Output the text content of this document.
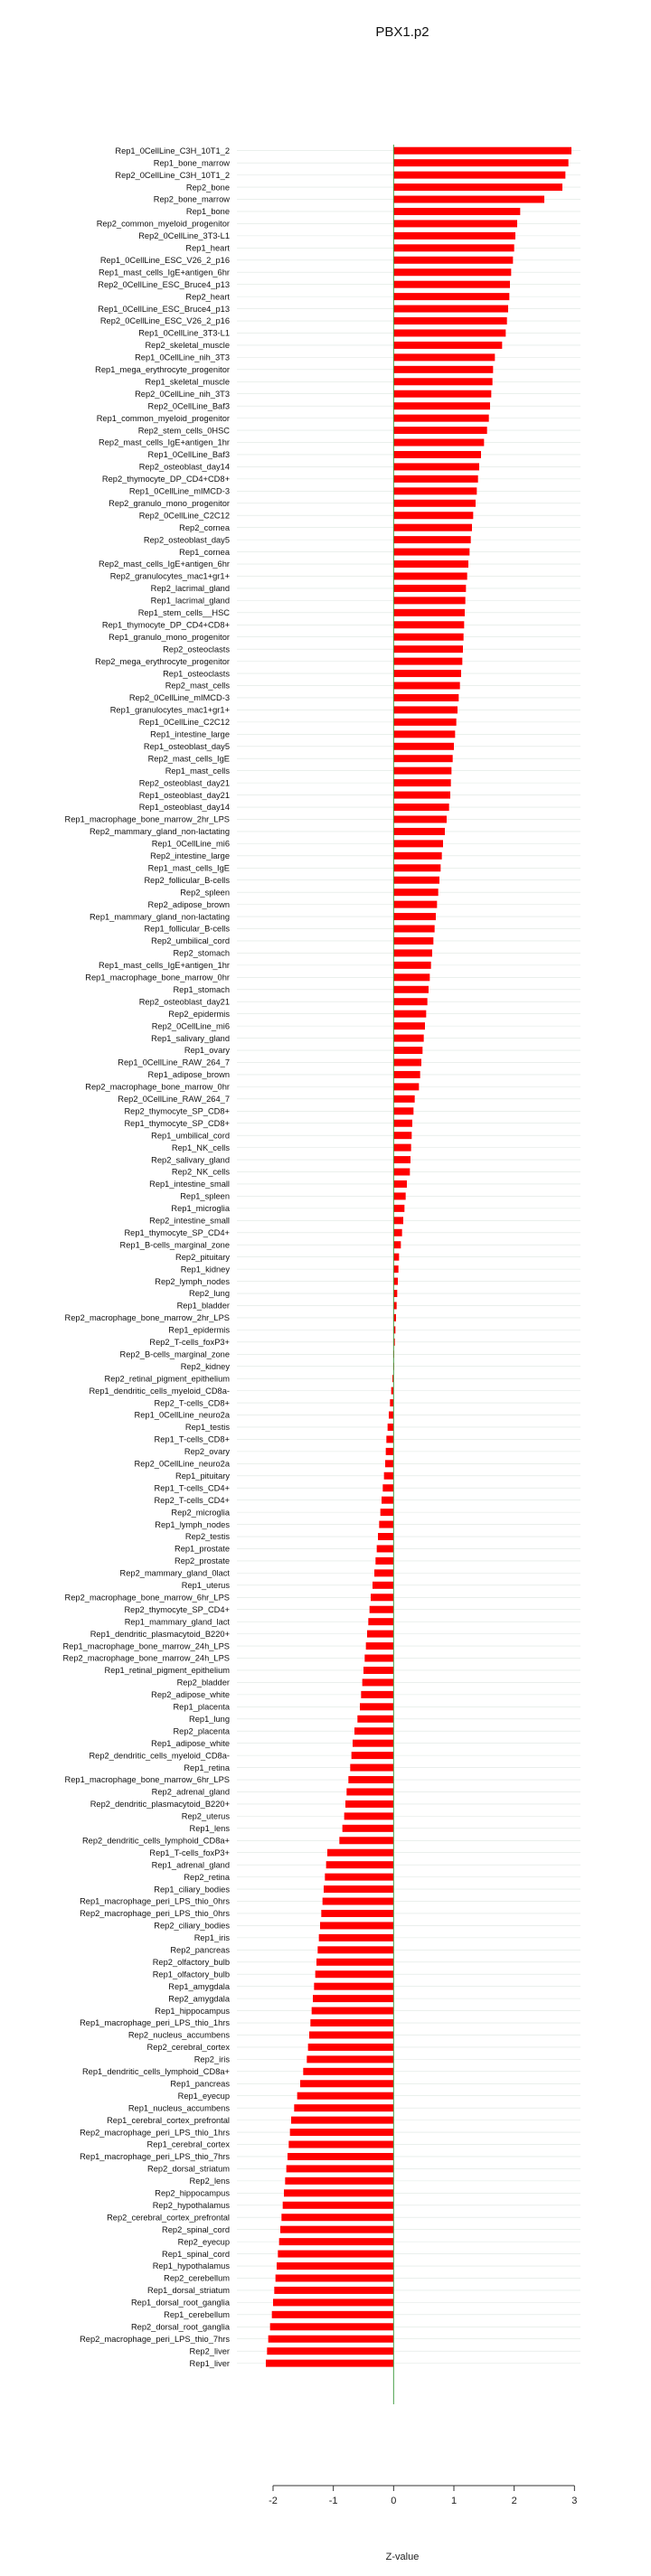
PBX1.p2
Rep1_0CellLine_C3H_10T1_2
Rep1_bone_marrow
Rep2_0CellLine_C3H_10T1_2
Rep2_bone
Rep2_bone_marrow
Rep1_bone
Rep2_common_myeloid_progenitor
Rep2_0CellLine_3T3-L1
Rep1_heart
Rep1_0CellLine_ESC_V26_2_p16
Rep1_mast_cells_IgE+antigen_6hr
Rep2_0CellLine_ESC_Bruce4_p13
Rep2_heart
Rep1_0CellLine_ESC_Bruce4_p13
Rep2_0CellLine_ESC_V26_2_p16
Rep1_0CellLine_3T3-L1
Rep2_skeletal_muscle
Rep1_0CellLine_nih_3T3
Rep1_mega_erythrocyte_progenitor
Rep1_skeletal_muscle
Rep2_0CellLine_nih_3T3
Rep2_0CellLine_Baf3
Rep1_common_myeloid_progenitor
Rep2_stem_cells_0HSC
Rep2_mast_cells_IgE+antigen_1hr
Rep1_0CellLine_Baf3
Rep2_osteoblast_day14
Rep2_thymocyte_DP_CD4+CD8+
Rep1_0CellLine_mIMCD-3
Rep2_granulo_mono_progenitor
Rep2_0CellLine_C2C12
Rep2_cornea
Rep2_osteoblast_day5
Rep1_cornea
Rep2_mast_cells_IgE+antigen_6hr
Rep2_granulocytes_mac1+gr1+
Rep2_lacrimal_gland
Rep1_lacrimal_gland
Rep1_stem_cells__HSC
Rep1_thymocyte_DP_CD4+CD8+
Rep1_granulo_mono_progenitor
Rep2_osteoclasts
Rep2_mega_erythrocyte_progenitor
Rep1_osteoclasts
Rep2_mast_cells
Rep2_0CellLine_mIMCD-3
Rep1_granulocytes_mac1+gr1+
Rep1_0CellLine_C2C12
Rep1_intestine_large
Rep1_osteoblast_day5
Rep2_mast_cells_IgE
Rep1_mast_cells
Rep2_osteoblast_day21
Rep1_osteoblast_day21
Rep1_osteoblast_day14
Rep1_macrophage_bone_marrow_2hr_LPS
Rep2_mammary_gland_non-lactating
Rep1_0CellLine_mi6
Rep2_intestine_large
Rep1_mast_cells_IgE
Rep2_follicular_B-cells
Rep2_spleen
Rep2_adipose_brown
Rep1_mammary_gland_non-lactating
Rep1_follicular_B-cells
Rep2_umbilical_cord
Rep2_stomach
Rep1_mast_cells_IgE+antigen_1hr
Rep1_macrophage_bone_marrow_0hr
Rep1_stomach
Rep2_osteoblast_day21
Rep2_epidermis
Rep2_0CellLine_mi6
Rep1_salivary_gland
Rep1_ovary
Rep1_0CellLine_RAW_264_7
Rep1_adipose_brown
Rep2_macrophage_bone_marrow_0hr
Rep2_0CellLine_RAW_264_7
Rep2_thymocyte_SP_CD8+
Rep1_thymocyte_SP_CD8+
Rep1_umbilical_cord
Rep1_NK_cells
Rep2_salivary_gland
Rep2_NK_cells
Rep1_intestine_small
Rep1_spleen
Rep1_microglia
Rep2_intestine_small
Rep1_thymocyte_SP_CD4+
Rep1_B-cells_marginal_zone
Rep2_pituitary
Rep1_kidney
Rep2_lymph_nodes
Rep2_lung
Rep1_bladder
Rep2_macrophage_bone_marrow_2hr_LPS
Rep1_epidermis
Rep2_T-cells_foxP3+
Rep2_B-cells_marginal_zone
Rep2_kidney
Rep2_retinal_pigment_epithelium
Rep1_dendritic_cells_myeloid_CD8a-
Rep2_T-cells_CD8+
Rep1_0CellLine_neuro2a
Rep1_testis
Rep1_T-cells_CD8+
Rep2_ovary
Rep2_0CellLine_neuro2a
Rep1_pituitary
Rep1_T-cells_CD4+
Rep2_T-cells_CD4+
Rep2_microglia
Rep1_lymph_nodes
Rep2_testis
Rep1_prostate
Rep2_prostate
Rep2_mammary_gland_0lact
Rep1_uterus
Rep2_macrophage_bone_marrow_6hr_LPS
Rep2_thymocyte_SP_CD4+
Rep1_mammary_gland_lact
Rep1_dendritic_plasmacytoid_B220+
Rep1_macrophage_bone_marrow_24h_LPS
Rep2_macrophage_bone_marrow_24h_LPS
Rep1_retinal_pigment_epithelium
Rep2_bladder
Rep2_adipose_white
Rep1_placenta
Rep1_lung
Rep2_placenta
Rep1_adipose_white
Rep2_dendritic_cells_myeloid_CD8a-
Rep1_retina
Rep1_macrophage_bone_marrow_6hr_LPS
Rep2_adrenal_gland
Rep2_dendritic_plasmacytoid_B220+
Rep2_uterus
Rep1_lens
Rep2_dendritic_cells_lymphoid_CD8a+
Rep1_T-cells_foxP3+
Rep1_adrenal_gland
Rep2_retina
Rep1_ciliary_bodies
Rep1_macrophage_peri_LPS_thio_0hrs
Rep2_macrophage_peri_LPS_thio_0hrs
Rep2_ciliary_bodies
Rep1_iris
Rep2_pancreas
Rep2_olfactory_bulb
Rep1_olfactory_bulb
Rep1_amygdala
Rep2_amygdala
Rep1_hippocampus
Rep1_macrophage_peri_LPS_thio_1hrs
Rep2_nucleus_accumbens
Rep2_cerebral_cortex
Rep2_iris
Rep1_dendritic_cells_lymphoid_CD8a+
Rep1_pancreas
Rep1_eyecup
Rep1_nucleus_accumbens
Rep1_cerebral_cortex_prefrontal
Rep2_macrophage_peri_LPS_thio_1hrs
Rep1_cerebral_cortex
Rep1_macrophage_peri_LPS_thio_7hrs
Rep2_dorsal_striatum
Rep2_lens
Rep2_hippocampus
Rep2_hypothalamus
Rep2_cerebral_cortex_prefrontal
Rep2_spinal_cord
Rep2_eyecup
Rep1_spinal_cord
Rep1_hypothalamus
Rep2_cerebellum
Rep1_dorsal_striatum
Rep1_dorsal_root_ganglia
Rep1_cerebellum
Rep2_dorsal_root_ganglia
Rep2_macrophage_peri_LPS_thio_7hrs
Rep2_liver
Rep1_liver
-2	-1	0	1	2	3
Z-value
